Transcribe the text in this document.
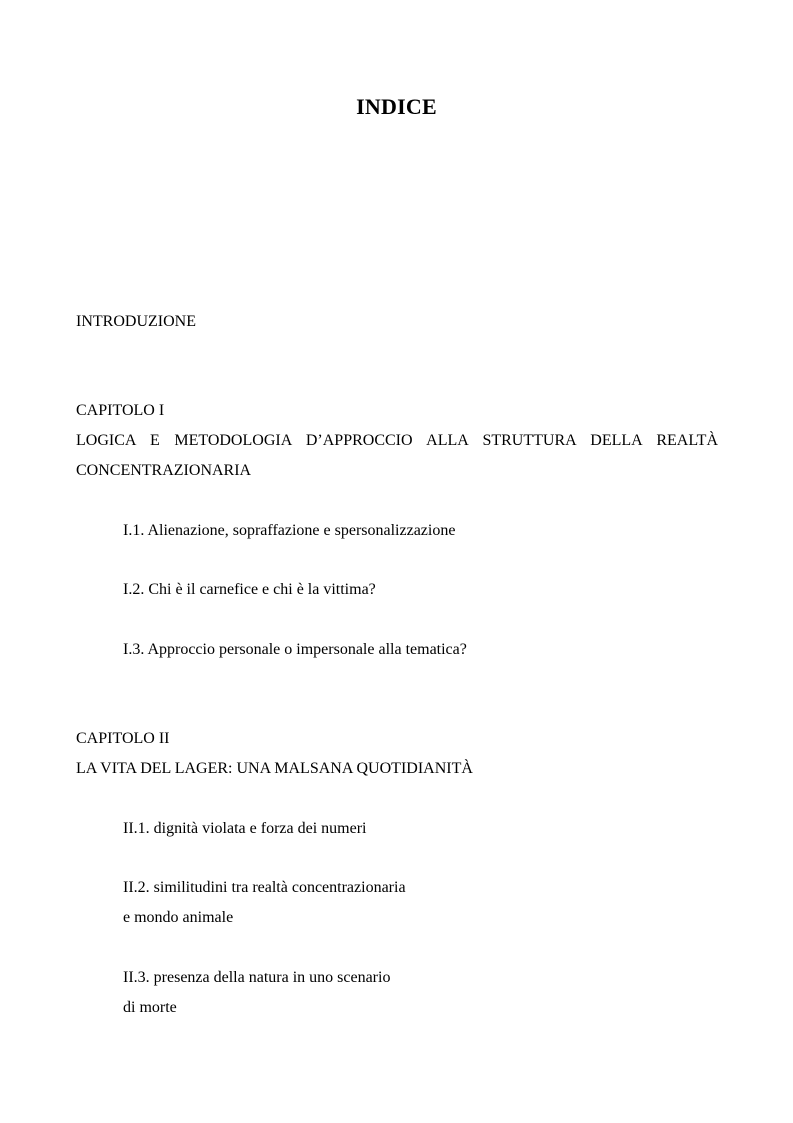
INDICE
INTRODUZIONE
CAPITOLO I
LOGICA E METODOLOGIA D’APPROCCIO ALLA STRUTTURA DELLA REALTÀ
CONCENTRAZIONARIA
I.1. Alienazione, sopraffazione e spersonalizzazione
I.2. Chi è il carnefice e chi è la vittima?
I.3. Approccio personale o impersonale alla tematica?
CAPITOLO II
LA VITA DEL LAGER: UNA MALSANA QUOTIDIANITÀ
II.1. dignità violata e forza dei numeri
II.2. similitudini tra realtà concentrazionaria
e mondo animale
II.3. presenza della natura in uno scenario
di morte
